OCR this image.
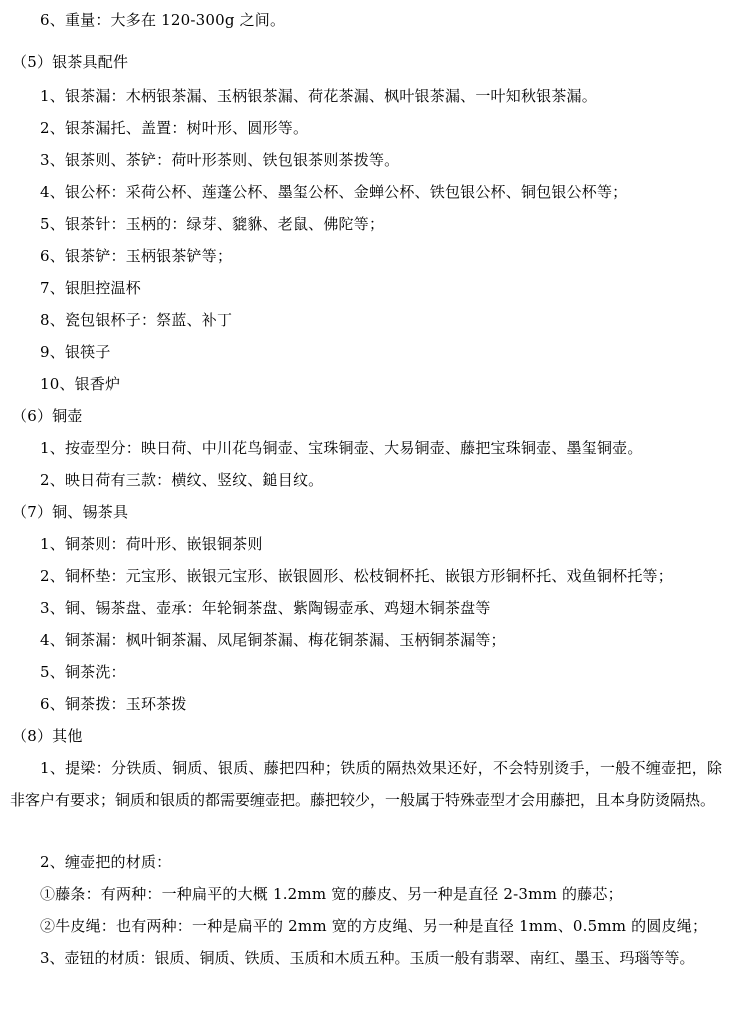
6、重量：大多在 120-300g 之间。
（5）银茶具配件
1、银茶漏：木柄银茶漏、玉柄银茶漏、荷花茶漏、枫叶银茶漏、一叶知秋银茶漏。
2、银茶漏托、盖置：树叶形、圆形等。
3、银茶则、茶铲：荷叶形茶则、铁包银茶则茶拨等。
4、银公杯：采荷公杯、莲蓬公杯、墨玺公杯、金蝉公杯、铁包银公杯、铜包银公杯等；
5、银茶针：玉柄的：绿芽、貔貅、老鼠、佛陀等；
6、银茶铲：玉柄银茶铲等；
7、银胆控温杯
8、瓷包银杯子：祭蓝、补丁
9、银筷子
10、银香炉
（6）铜壶
1、按壶型分：映日荷、中川花鸟铜壶、宝珠铜壶、大易铜壶、藤把宝珠铜壶、墨玺铜壶。
2、映日荷有三款：横纹、竖纹、鎚目纹。
（7）铜、锡茶具
1、铜茶则：荷叶形、嵌银铜茶则
2、铜杯垫：元宝形、嵌银元宝形、嵌银圆形、松枝铜杯托、嵌银方形铜杯托、戏鱼铜杯托等；
3、铜、锡茶盘、壶承：年轮铜茶盘、紫陶锡壶承、鸡翅木铜茶盘等
4、铜茶漏：枫叶铜茶漏、凤尾铜茶漏、梅花铜茶漏、玉柄铜茶漏等；
5、铜茶洗：
6、铜茶拨：玉环茶拨
（8）其他
1、提梁：分铁质、铜质、银质、藤把四种；铁质的隔热效果还好，不会特别烫手，一般不缠壶把，除非客户有要求；铜质和银质的都需要缠壶把。藤把较少，一般属于特殊壶型才会用藤把，且本身防烫隔热。
2、缠壶把的材质：
①藤条：有两种：一种扁平的大概 1.2mm 宽的藤皮、另一种是直径 2-3mm 的藤芯；
②牛皮绳：也有两种：一种是扁平的 2mm 宽的方皮绳、另一种是直径 1mm、0.5mm 的圆皮绳；
3、壶钮的材质：银质、铜质、铁质、玉质和木质五种。玉质一般有翡翠、南红、墨玉、玛瑙等等。
